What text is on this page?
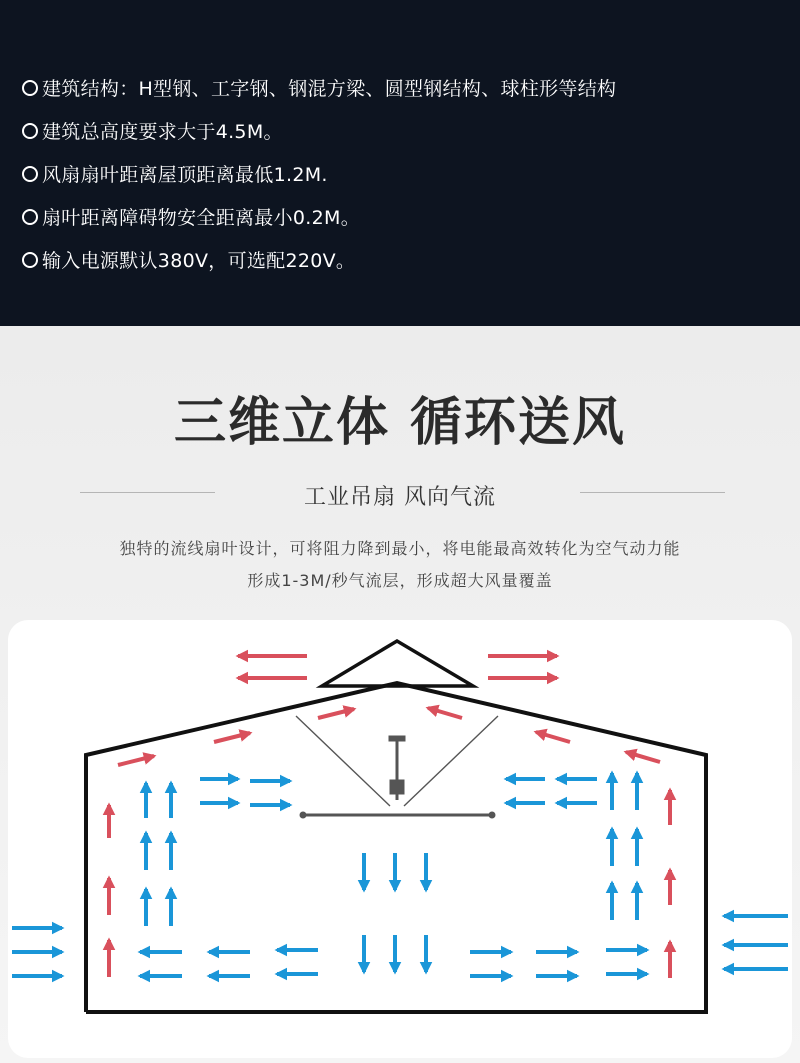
建筑结构：H型钢、工字钢、钢混方梁、圆型钢结构、球柱形等结构
建筑总高度要求大于4.5M。
风扇扇叶距离屋顶距离最低1.2M.
扇叶距离障碍物安全距离最小0.2M。
输入电源默认380V，可选配220V。
三维立体 循环送风
工业吊扇 风向气流
独特的流线扇叶设计，可将阻力降到最小，将电能最高效转化为空气动力能
形成1-3M/秒气流层，形成超大风量覆盖
